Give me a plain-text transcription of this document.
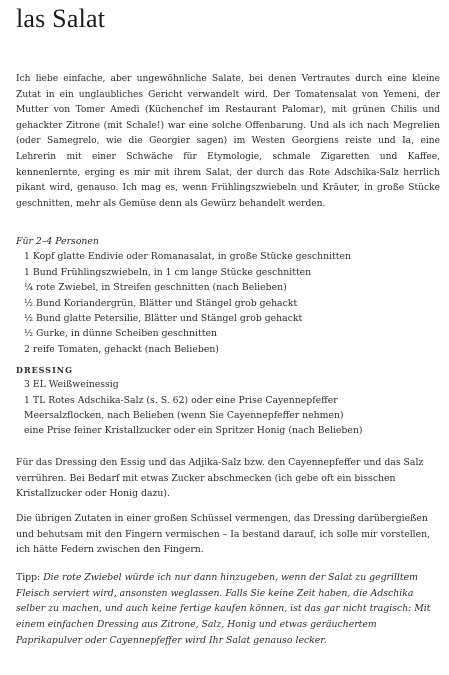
las Salat
Ich liebe einfache, aber ungewöhnliche Salate, bei denen Vertrautes durch eine kleine Zutat in ein unglaubliches Gericht verwandelt wird. Der Tomatensalat von Yemeni, der Mutter von Tomer Amedi (Küchenchef im Restaurant Palomar), mit grünen Chilis und gehackter Zitrone (mit Schale!) war eine solche Offenbarung. Und als ich nach Megrelien (oder Samegrelo, wie die Georgier sagen) im Westen Georgiens reiste und Ia, eine Lehrerin mit einer Schwäche für Etymologie, schmale Zigaretten und Kaffee, kennenlernte, erging es mir mit ihrem Salat, der durch das Rote Adschika-Salz herrlich pikant wird, genauso. Ich mag es, wenn Frühlingszwiebeln und Kräuter, in große Stücke geschnitten, mehr als Gemüse denn als Gewürz behandelt werden.
Für 2–4 Personen
1 Kopf glatte Endivie oder Romanasalat, in große Stücke geschnitten
1 Bund Frühlingszwiebeln, in 1 cm lange Stücke geschnitten
¼ rote Zwiebel, in Streifen geschnitten (nach Belieben)
½ Bund Koriandergrün, Blätter und Stängel grob gehackt
½ Bund glatte Petersilie, Blätter und Stängel grob gehackt
½ Gurke, in dünne Scheiben geschnitten
2 reife Tomaten, gehackt (nach Belieben)
DRESSING
3 EL Weißweinessig
1 TL Rotes Adschika-Salz (s. S. 62) oder eine Prise Cayennepfeffer
Meersalzflocken, nach Belieben (wenn Sie Cayennepfeffer nehmen)
eine Prise feiner Kristallzucker oder ein Spritzer Honig (nach Belieben)

Für das Dressing den Essig und das Adjika-Salz bzw. den Cayennepfeffer und das Salz verrühren. Bei Bedarf mit etwas Zucker abschmecken (ich gebe oft ein bisschen Kristallzucker oder Honig dazu).

Die übrigen Zutaten in einer großen Schüssel vermengen, das Dressing darübergießen und behutsam mit den Fingern vermischen – Ia bestand darauf, ich solle mir vorstellen, ich hätte Federn zwischen den Fingern.

Tipp: Die rote Zwiebel würde ich nur dann hinzugeben, wenn der Salat zu gegrilltem Fleisch serviert wird, ansonsten weglassen. Falls Sie keine Zeit haben, die Adschika selber zu machen, und auch keine fertige kaufen können, ist das gar nicht tragisch: Mit einem einfachen Dressing aus Zitrone, Salz, Honig und etwas geräuchertem Paprikapulver oder Cayennepfeffer wird Ihr Salat genauso lecker.
